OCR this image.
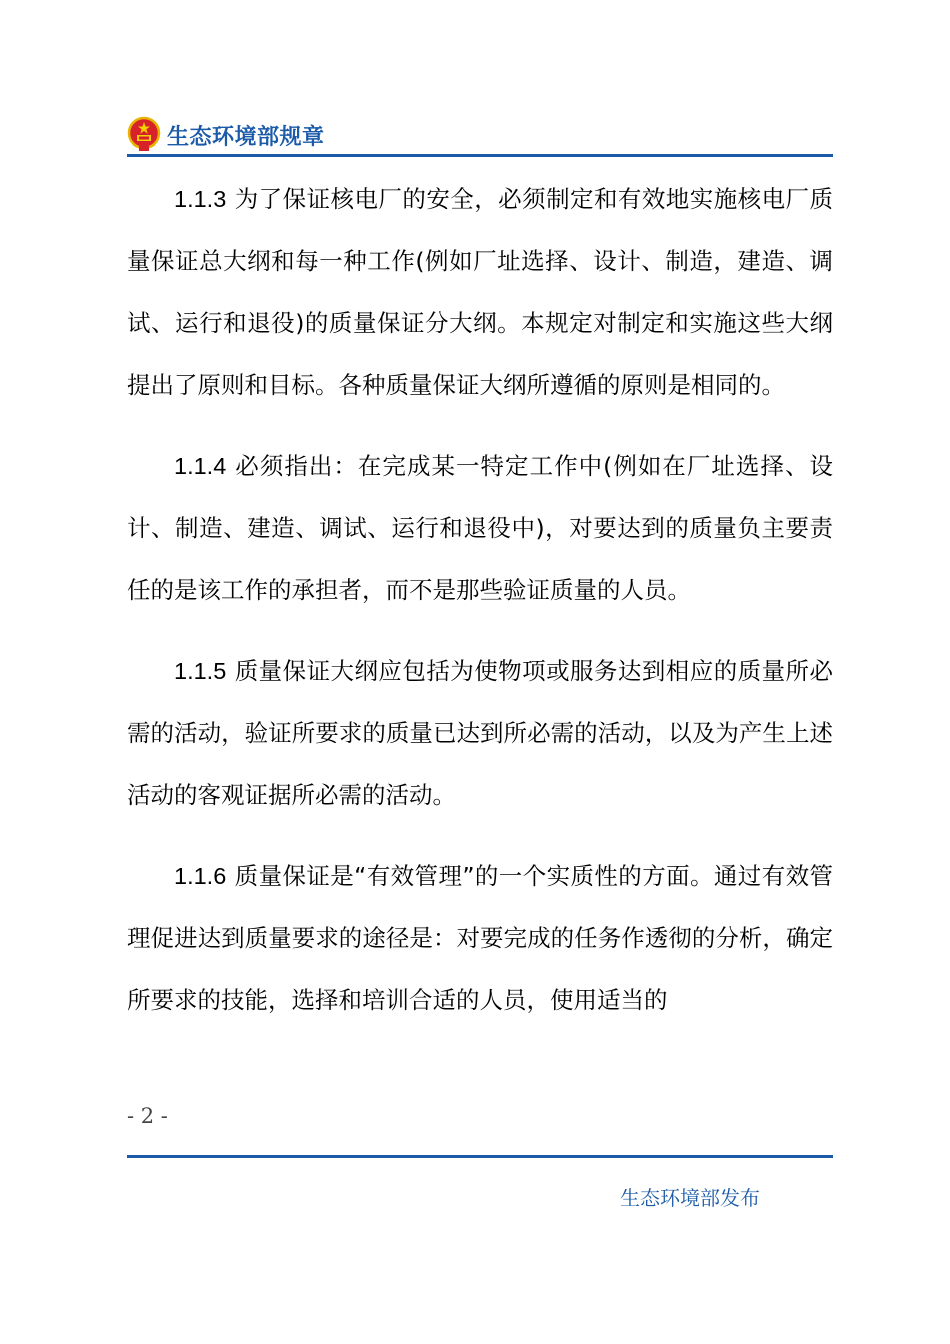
生态环境部规章

1.1.3 为了保证核电厂的安全，必须制定和有效地实施核电厂质量保证总大纲和每一种工作(例如厂址选择、设计、制造，建造、调试、运行和退役)的质量保证分大纲。本规定对制定和实施这些大纲提出了原则和目标。各种质量保证大纲所遵循的原则是相同的。

1.1.4 必须指出：在完成某一特定工作中(例如在厂址选择、设计、制造、建造、调试、运行和退役中)，对要达到的质量负主要责任的是该工作的承担者，而不是那些验证质量的人员。

1.1.5 质量保证大纲应包括为使物项或服务达到相应的质量所必需的活动，验证所要求的质量已达到所必需的活动，以及为产生上述活动的客观证据所必需的活动。

1.1.6 质量保证是“有效管理”的一个实质性的方面。通过有效管理促进达到质量要求的途径是：对要完成的任务作透彻的分析，确定所要求的技能，选择和培训合适的人员，使用适当的

- 2 -
生态环境部发布
